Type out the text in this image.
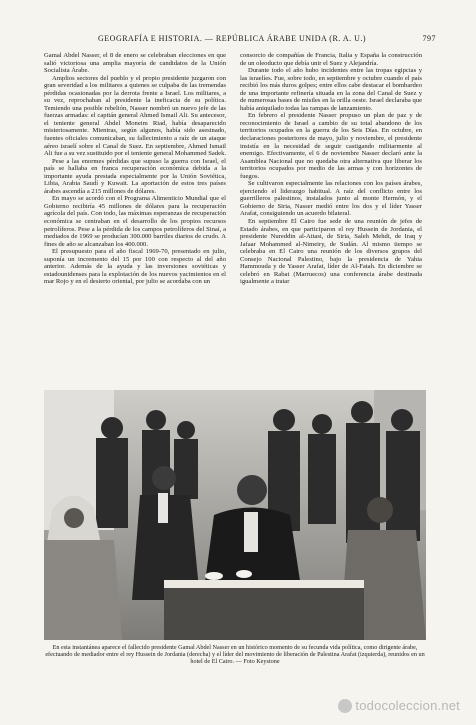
GEOGRAFÍA E HISTORIA. — REPÚBLICA ÁRABE UNIDA (R. A. U.)	797

Gamal Abdel Nasser, el 8 de enero se celebraban elecciones en que salió victoriosa una amplia mayoría de candidatos de la Unión Socialista Árabe.

Amplios sectores del pueblo y el propio presidente juzgaron con gran severidad a los militares a quienes se culpaba de las tremendas pérdidas ocasionadas por la derrota frente a Israel. Los militares, a su vez, reprochaban al presidente la ineficacia de su política. Temiendo una posible rebelión, Nasser nombró un nuevo jefe de las fuerzas armadas: el capitán general Ahmed Ismail Ali. Su antecesor, el teniente general Abdel Moneim Riad, había desaparecido misteriosamente. Mientras, según algunos, había sido asesinado, fuentes oficiales comunicaban, su fallecimiento a raíz de un ataque aéreo israelí sobre el Canal de Suez. En septiembre, Ahmed Ismail Ali fue a su vez sustituido por el teniente general Mohammed Sadek.

Pese a las enormes pérdidas que supuso la guerra con Israel, el país se hallaba en franca recuperación económica debida a la importante ayuda prestada especialmente por la Unión Soviética, Libia, Arabia Saudí y Kuwait. La aportación de estos tres países árabes ascendía a 215 millones de dólares.

En mayo se acordó con el Programa Alimenticio Mundial que el Gobierno recibiría 45 millones de dólares para la recuperación agrícola del país. Con todo, las máximas esperanzas de recuperación económica se centraban en el desarrollo de los propios recursos petrolíferos. Pese a la pérdida de los campos petrolíferos del Sinaí, a mediados de 1969 se producían 300.000 barriles diarios de crudo. A fines de año se alcanzaban los 400.000.

El presupuesto para el año fiscal 1969-70, presentado en julio, suponía un incremento del 15 por 100 con respecto al del año anterior. Además de la ayuda y las inversiones soviéticas y estadounidenses para la explotación de los nuevos yacimientos en el mar Rojo y en el desierto oriental, por julio se acordaba con un

consorcio de compañías de Francia, Italia y España la construcción de un oleoducto que debía unir el Suez y Alejandría.

Durante todo el año hubo incidentes entre las tropas egipcias y las israelíes. Fue, sobre todo, en septiembre y octubre cuando el país recibió los más duros golpes; entre ellos cabe destacar el bombardeo de una importante refinería situada en la zona del Canal de Suez y de numerosas bases de misiles en la orilla oeste. Israel declaraba que había aniquilado todas las rampas de lanzamiento.

En febrero el presidente Nasser propuso un plan de paz y de reconocimiento de Israel a cambio de su total abandono de los territorios ocupados en la guerra de los Seis Días. En octubre, en declaraciones posteriores de mayo, julio y noviembre, el presidente insistía en la necesidad de seguir castigando militarmente al enemigo. Efectivamente, el 6 de noviembre Nasser declaró ante la Asamblea Nacional que no quedaba otra alternativa que liberar los territorios ocupados por medio de las armas y con horizontes de fuegos.

Se cultivaron especialmente las relaciones con los países árabes, ejerciendo el liderazgo habitual. A raíz del conflicto entre los guerrilleros palestinos, instalados junto al monte Hermón, y el Gobierno de Siria, Nasser medió entre los dos y el líder Yasser Arafat, consiguiendo un acuerdo bilateral.

En septiembre El Cairo fue sede de una reunión de jefes de Estado árabes, en que participaron el rey Hussein de Jordania, el presidente Nureddin al-Attasi, de Siria, Saleh Mehdi, de Iraq y Jafaar Mohammed al-Nimeiry, de Sudán. Al mismo tiempo se celebraba en El Cairo una reunión de los diversos grupos del Consejo Nacional Palestino, bajo la presidencia de Yahia Hammouda y de Yasser Arafat, líder de Al-Fatah. En diciembre se celebró en Rabat (Marruecos) una conferencia árabe destinada igualmente a tratar

En esta instantánea aparece el fallecido presidente Gamal Abdel Nasser en un histórico momento de su fecunda vida política, como dirigente árabe, efectuando de mediador entre el rey Hussein de Jordania (derecha) y el líder del movimiento de liberación de Palestina Arafat (izquierda), reunidos en un hotel de El Cairo. — Foto Keystone
todocoleccion.net
